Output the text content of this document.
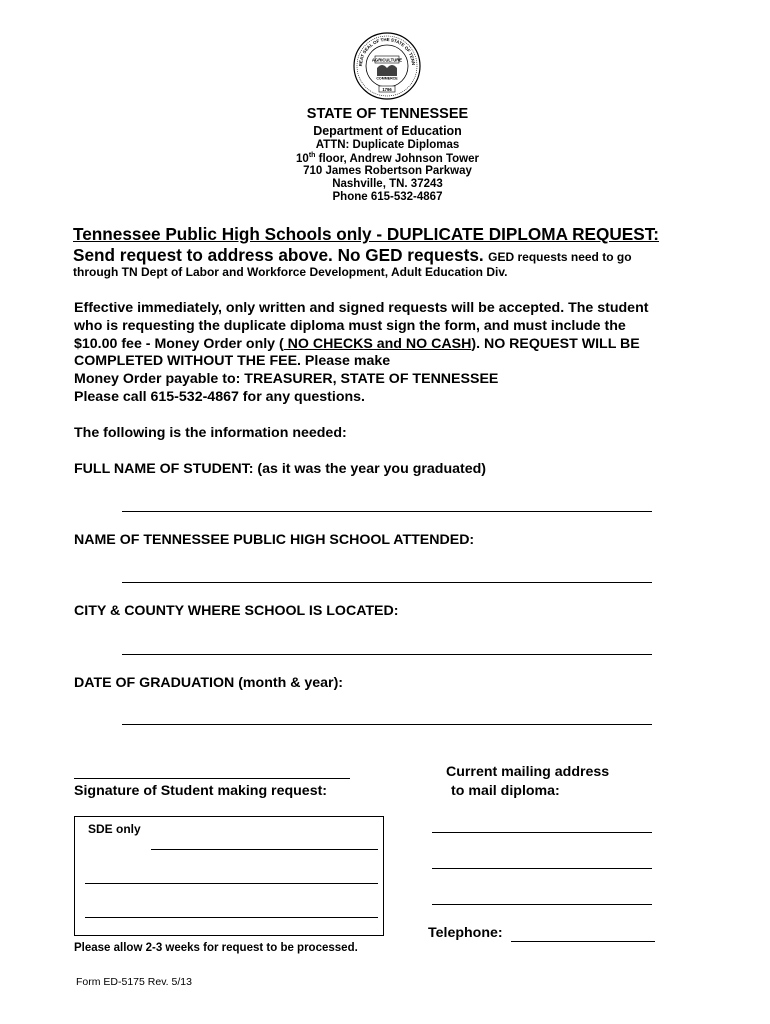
REAT SEAL OF THE STATE OF TENN
AGRICULTURE
COMMERCE
1796
STATE OF TENNESSEE
Department of Education
ATTN: Duplicate Diplomas
10th floor, Andrew Johnson Tower
710 James Robertson Parkway
Nashville, TN. 37243
Phone 615-532-4867
Tennessee Public High Schools only - DUPLICATE DIPLOMA REQUEST:
Send request to address above. No GED requests. GED requests need to go
through TN Dept of Labor and Workforce Development, Adult Education Div.
Effective immediately, only written and signed requests will be accepted. The student
who is requesting the duplicate diploma must sign the form, and must include the
$10.00 fee - Money Order only ( NO CHECKS and NO CASH). NO REQUEST WILL BE
COMPLETED WITHOUT THE FEE. Please make
Money Order payable to: TREASURER, STATE OF TENNESSEE
Please call 615-532-4867 for any questions.
The following is the information needed:
FULL NAME OF STUDENT: (as it was the year you graduated)
NAME OF TENNESSEE PUBLIC HIGH SCHOOL ATTENDED:
CITY & COUNTY WHERE SCHOOL IS LOCATED:
DATE OF GRADUATION (month & year):
Signature of Student making request:
Current mailing address
to mail diploma:
SDE only
Telephone:
Please allow 2-3 weeks for request to be processed.
Form ED-5175 Rev. 5/13
